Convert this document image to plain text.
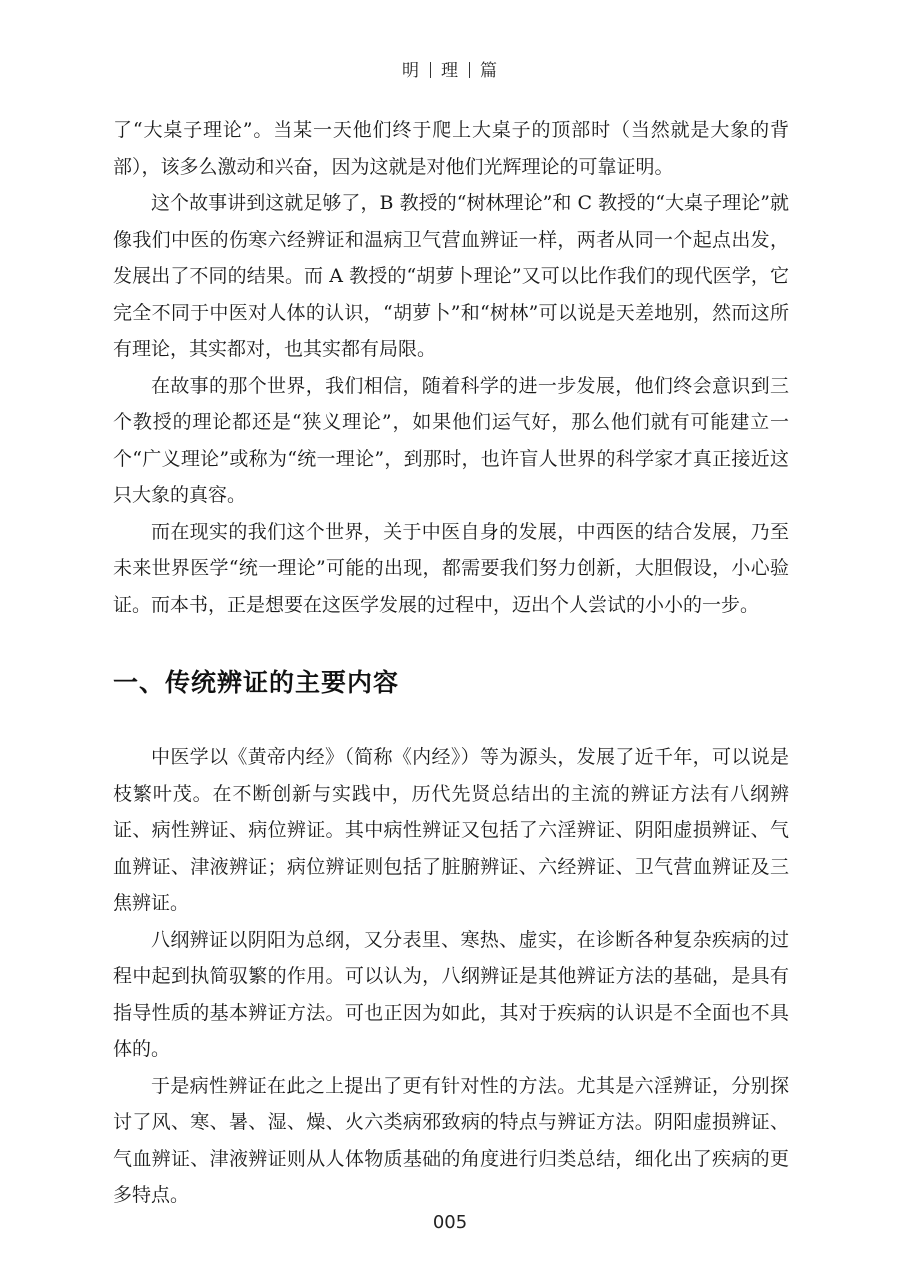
明 理 篇

了“大桌子理论”。当某一天他们终于爬上大桌子的顶部时（当然就是大象的背部），该多么激动和兴奋，因为这就是对他们光辉理论的可靠证明。

这个故事讲到这就足够了，B 教授的“树林理论”和 C 教授的“大桌子理论”就像我们中医的伤寒六经辨证和温病卫气营血辨证一样，两者从同一个起点出发，发展出了不同的结果。而 A 教授的“胡萝卜理论”又可以比作我们的现代医学，它完全不同于中医对人体的认识，“胡萝卜”和“树林”可以说是天差地别，然而这所有理论，其实都对，也其实都有局限。

在故事的那个世界，我们相信，随着科学的进一步发展，他们终会意识到三个教授的理论都还是“狭义理论”，如果他们运气好，那么他们就有可能建立一个“广义理论”或称为“统一理论”，到那时，也许盲人世界的科学家才真正接近这只大象的真容。

而在现实的我们这个世界，关于中医自身的发展，中西医的结合发展，乃至未来世界医学“统一理论”可能的出现，都需要我们努力创新，大胆假设，小心验证。而本书，正是想要在这医学发展的过程中，迈出个人尝试的小小的一步。

一、传统辨证的主要内容

中医学以《黄帝内经》（简称《内经》）等为源头，发展了近千年，可以说是枝繁叶茂。在不断创新与实践中，历代先贤总结出的主流的辨证方法有八纲辨证、病性辨证、病位辨证。其中病性辨证又包括了六淫辨证、阴阳虚损辨证、气血辨证、津液辨证；病位辨证则包括了脏腑辨证、六经辨证、卫气营血辨证及三焦辨证。

八纲辨证以阴阳为总纲，又分表里、寒热、虚实，在诊断各种复杂疾病的过程中起到执简驭繁的作用。可以认为，八纲辨证是其他辨证方法的基础，是具有指导性质的基本辨证方法。可也正因为如此，其对于疾病的认识是不全面也不具体的。

于是病性辨证在此之上提出了更有针对性的方法。尤其是六淫辨证，分别探讨了风、寒、暑、湿、燥、火六类病邪致病的特点与辨证方法。阴阳虚损辨证、气血辨证、津液辨证则从人体物质基础的角度进行归类总结，细化出了疾病的更多特点。

005
